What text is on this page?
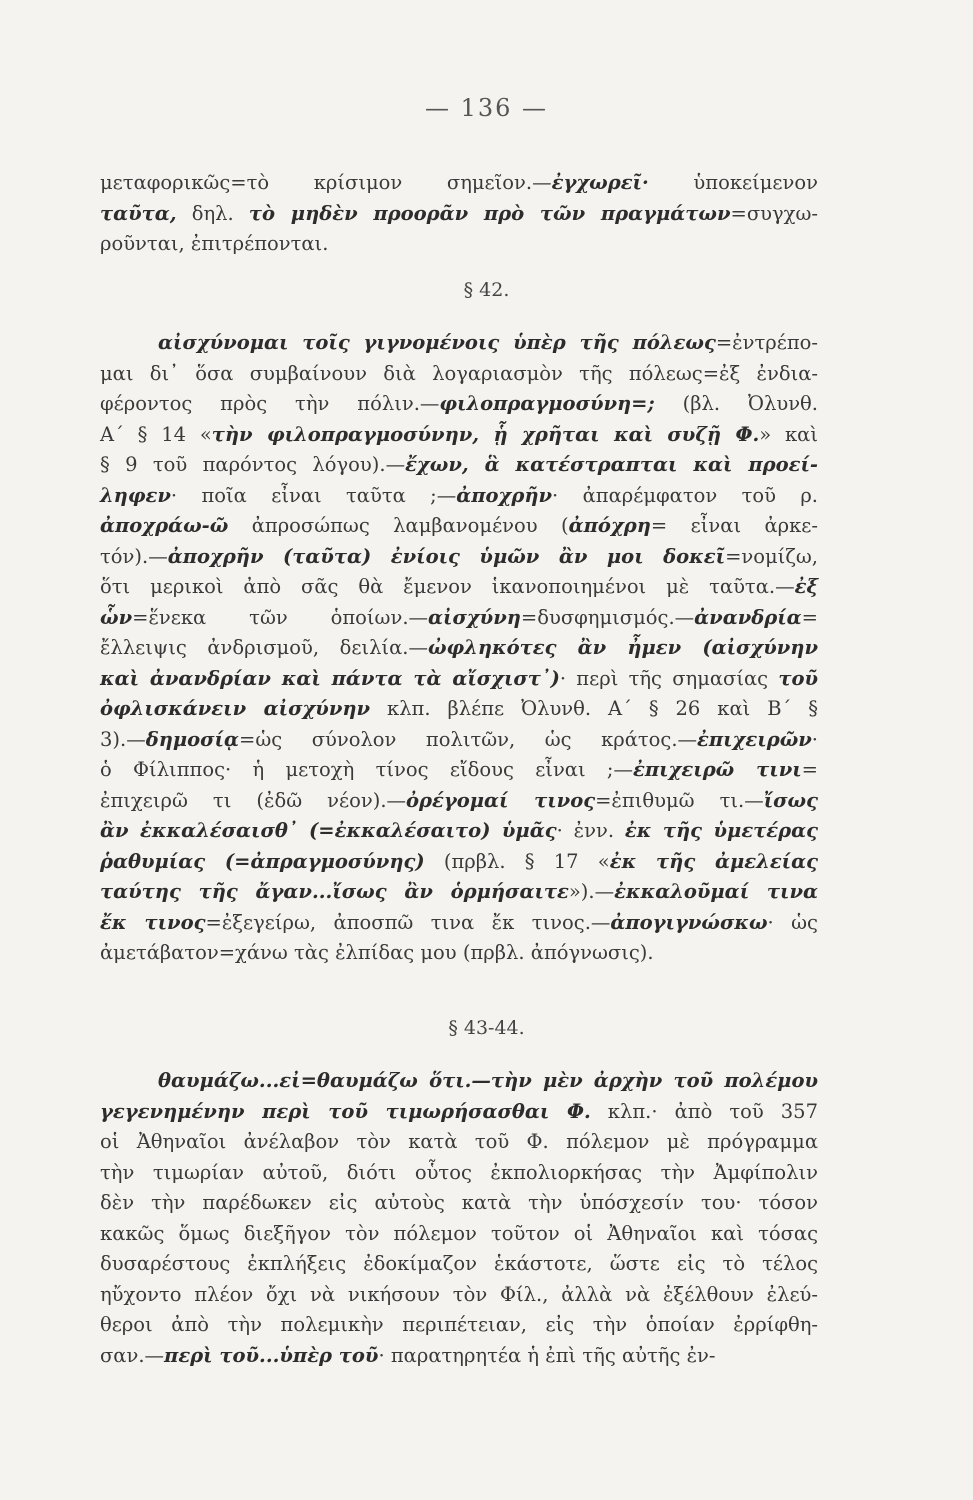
— 136 —
μεταφορικῶς=τὸ κρίσιμον σημεῖον.—ἐγχωρεῖ· ὑποκείμενον
ταῦτα, δηλ. τὸ μηδὲν προορᾶν πρὸ τῶν πραγμάτων=συγχω-
ροῦνται, ἐπιτρέπονται.
§ 42.
αἰσχύνομαι τοῖς γιγνομένοις ὑπὲρ τῆς πόλεως=ἐντρέπο-
μαι δι᾽ ὅσα συμβαίνουν διὰ λογαριασμὸν τῆς πόλεως=ἐξ ἐνδια-
φέροντος πρὸς τὴν πόλιν.—φιλοπραγμοσύνη=; (βλ. Ὀλυνθ.
Α΄ § 14 «τὴν φιλοπραγμοσύνην, ᾗ χρῆται καὶ συζῇ Φ.» καὶ
§ 9 τοῦ παρόντος λόγου).—ἔχων, ἃ κατέστραπται καὶ προεί-
ληφεν· ποῖα εἶναι ταῦτα ;—ἀποχρῆν· ἀπαρέμφατον τοῦ ρ.
ἀποχράω-ῶ ἀπροσώπως λαμβανομένου (ἀπόχρη= εἶναι ἀρκε-
τόν).—ἀποχρῆν (ταῦτα) ἐνίοις ὑμῶν ἂν μοι δοκεῖ=νομίζω,
ὅτι μερικοὶ ἀπὸ σᾶς θὰ ἔμενον ἱκανοποιημένοι μὲ ταῦτα.—ἐξ
ὧν=ἕνεκα τῶν ὁποίων.—αἰσχύνη=δυσφημισμός.—ἀνανδρία=
ἔλλειψις ἀνδρισμοῦ, δειλία.—ὠφληκότες ἂν ἦμεν (αἰσχύνην
καὶ ἀνανδρίαν καὶ πάντα τὰ αἴσχιστ᾽)· περὶ τῆς σημασίας τοῦ
ὀφλισκάνειν αἰσχύνην κλπ. βλέπε Ὀλυνθ. Α΄ § 26 καὶ Β΄ §
3).—δημοσίᾳ=ὡς σύνολον πολιτῶν, ὡς κράτος.—ἐπιχειρῶν·
ὁ Φίλιππος· ἡ μετοχὴ τίνος εἴδους εἶναι ;—ἐπιχειρῶ τινι=
ἐπιχειρῶ τι (ἐδῶ νέον).—ὀρέγομαί τινος=ἐπιθυμῶ τι.—ἴσως
ἂν ἐκκαλέσαισθ᾽ (=ἐκκαλέσαιτο) ὑμᾶς· ἐνν. ἐκ τῆς ὑμετέρας
ῥαθυμίας (=ἀπραγμοσύνης) (πρβλ. § 17 «ἐκ τῆς ἀμελείας
ταύτης τῆς ἄγαν...ἴσως ἂν ὁρμήσαιτε»).—ἐκκαλοῦμαί τινα
ἔκ τινος=ἐξεγείρω, ἀποσπῶ τινα ἔκ τινος.—ἀπογιγνώσκω· ὡς
ἀμετάβατον=χάνω τὰς ἐλπίδας μου (πρβλ. ἀπόγνωσις).
§ 43-44.
θαυμάζω...εἰ=θαυμάζω ὅτι.—τὴν μὲν ἀρχὴν τοῦ πολέμου
γεγενημένην περὶ τοῦ τιμωρήσασθαι Φ. κλπ.· ἀπὸ τοῦ 357
οἱ Ἀθηναῖοι ἀνέλαβον τὸν κατὰ τοῦ Φ. πόλεμον μὲ πρόγραμμα
τὴν τιμωρίαν αὐτοῦ, διότι οὗτος ἐκπολιορκήσας τὴν Ἀμφίπολιν
δὲν τὴν παρέδωκεν εἰς αὐτοὺς κατὰ τὴν ὑπόσχεσίν του· τόσον
κακῶς ὅμως διεξῆγον τὸν πόλεμον τοῦτον οἱ Ἀθηναῖοι καὶ τόσας
δυσαρέστους ἐκπλήξεις ἐδοκίμαζον ἑκάστοτε, ὥστε εἰς τὸ τέλος
ηὔχοντο πλέον ὄχι νὰ νικήσουν τὸν Φίλ., ἀλλὰ νὰ ἐξέλθουν ἐλεύ-
θεροι ἀπὸ τὴν πολεμικὴν περιπέτειαν, εἰς τὴν ὁποίαν ἐρρίφθη-
σαν.—περὶ τοῦ...ὑπὲρ τοῦ· παρατηρητέα ἡ ἐπὶ τῆς αὐτῆς ἐν-
